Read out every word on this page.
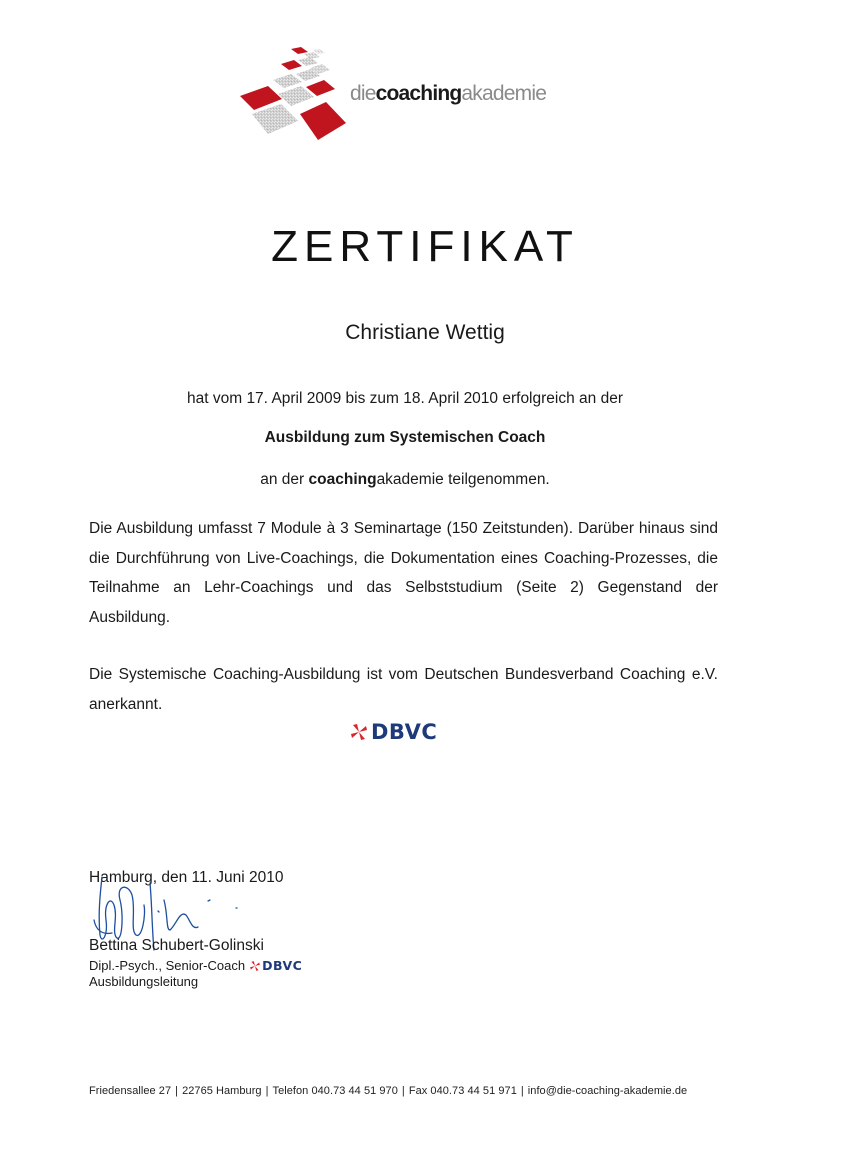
diecoachingakademie
ZERTIFIKAT
Christiane Wettig
hat vom 17. April 2009 bis zum 18. April 2010 erfolgreich an der
Ausbildung zum Systemischen Coach
an der coachingakademie teilgenommen.
Die Ausbildung umfasst 7 Module à 3 Seminartage (150 Zeitstunden). Darüber hinaus sind die Durchführung von Live-Coachings, die Dokumentation eines Coaching-Prozesses, die Teilnahme an Lehr-Coachings und das Selbststudium (Seite 2) Gegenstand der Ausbildung.
Die Systemische Coaching-Ausbildung ist vom Deutschen Bundesverband Coaching e.V. anerkannt.
DBVC
Hamburg, den 11. Juni 2010
Bettina Schubert-Golinski
Dipl.-Psych., Senior-Coach DBVC
Ausbildungsleitung
Friedensallee 27 | 22765 Hamburg | Telefon 040.73 44 51 970 | Fax 040.73 44 51 971 | info@die-coaching-akademie.de
